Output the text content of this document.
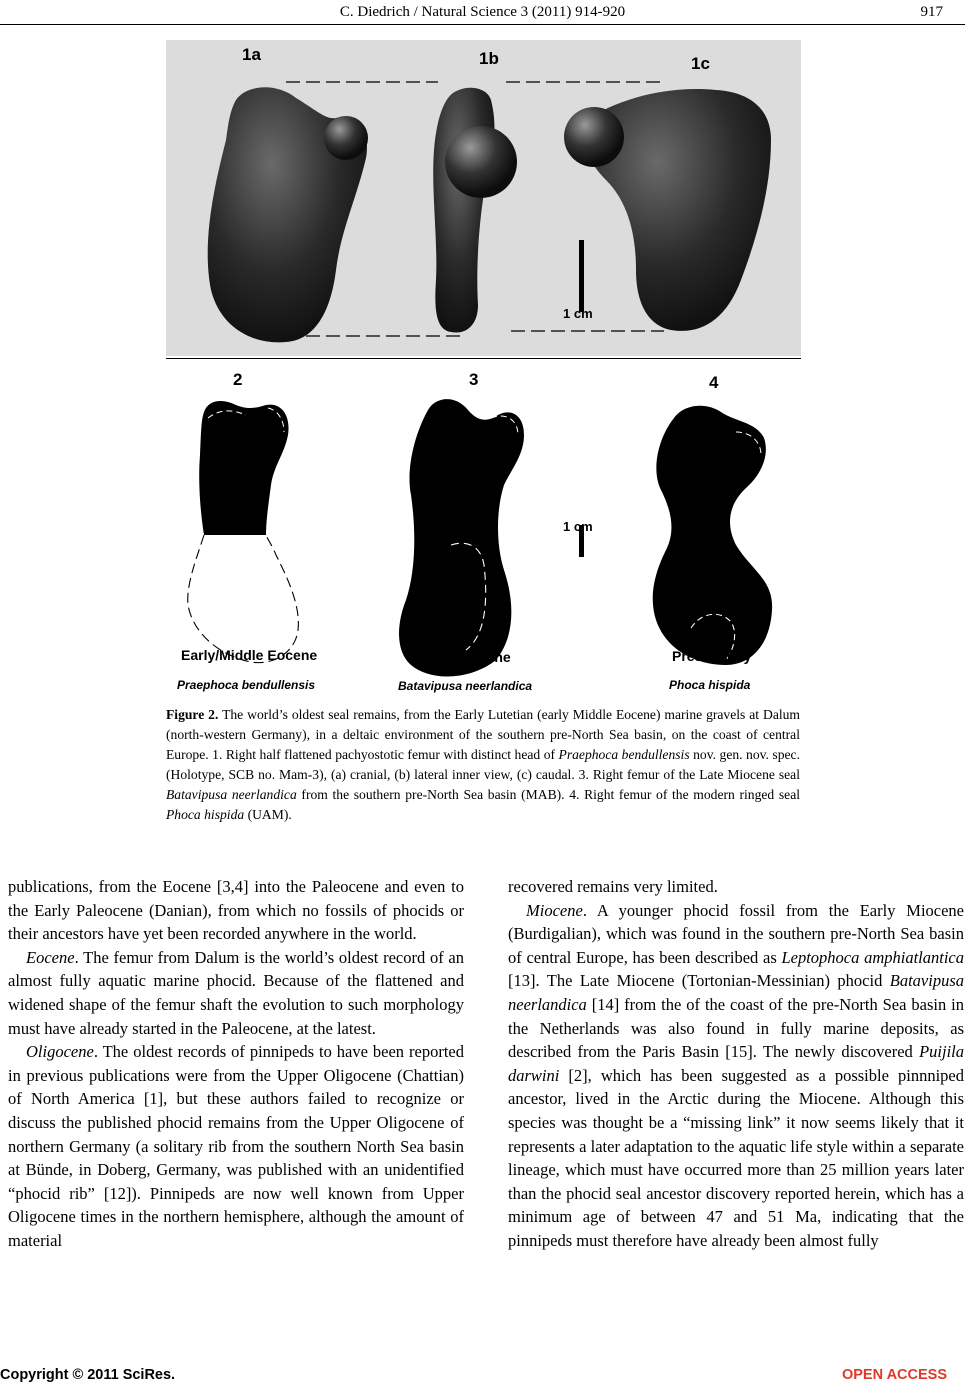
C. Diedrich / Natural Science 3 (2011) 914-920	917
1a	1b	1c
1 cm
2	3	4
1 cm
Early/Middle Eocene	Late Miocene	Present day
Praephoca bendullensis	Batavipusa neerlandica	Phoca hispida
Figure 2. The world’s oldest seal remains, from the Early Lutetian (early Middle Eocene) marine gravels at Dalum (north-western Germany), in a deltaic environment of the southern pre-North Sea basin, on the coast of central Europe. 1. Right half flattened pachyostotic femur with distinct head of Praephoca bendullensis nov. gen. nov. spec. (Holotype, SCB no. Mam-3), (a) cranial, (b) lateral inner view, (c) caudal. 3. Right femur of the Late Miocene seal Batavipusa neerlandica from the southern pre-North Sea basin (MAB). 4. Right femur of the modern ringed seal Phoca hispida (UAM).

publications, from the Eocene [3,4] into the Paleocene and even to the Early Paleocene (Danian), from which no fossils of phocids or their ancestors have yet been recorded anywhere in the world.

Eocene. The femur from Dalum is the world’s oldest record of an almost fully aquatic marine phocid. Because of the flattened and widened shape of the femur shaft the evolution to such morphology must have already started in the Paleocene, at the latest.

Oligocene. The oldest records of pinnipeds to have been reported in previous publications were from the Upper Oligocene (Chattian) of North America [1], but these authors failed to recognize or discuss the published phocid remains from the Upper Oligocene of northern Germany (a solitary rib from the southern North Sea basin at Bünde, in Doberg, Germany, was published with an unidentified “phocid rib” [12]). Pinnipeds are now well known from Upper Oligocene times in the northern hemisphere, although the amount of material

recovered remains very limited.

Miocene. A younger phocid fossil from the Early Miocene (Burdigalian), which was found in the southern pre-North Sea basin of central Europe, has been described as Leptophoca amphiatlantica [13]. The Late Miocene (Tortonian-Messinian) phocid Batavipusa neerlandica [14] from the of the coast of the pre-North Sea basin in the Netherlands was also found in fully marine deposits, as described from the Paris Basin [15]. The newly discovered Puijila darwini [2], which has been suggested as a possible pinnniped ancestor, lived in the Arctic during the Miocene. Although this species was thought be a “missing link” it now seems likely that it represents a later adaptation to the aquatic life style within a separate lineage, which must have occurred more than 25 million years later than the phocid seal ancestor discovery reported herein, which has a minimum age of between 47 and 51 Ma, indicating that the pinnipeds must therefore have already been almost fully

Copyright © 2011 SciRes.	OPEN ACCESS
